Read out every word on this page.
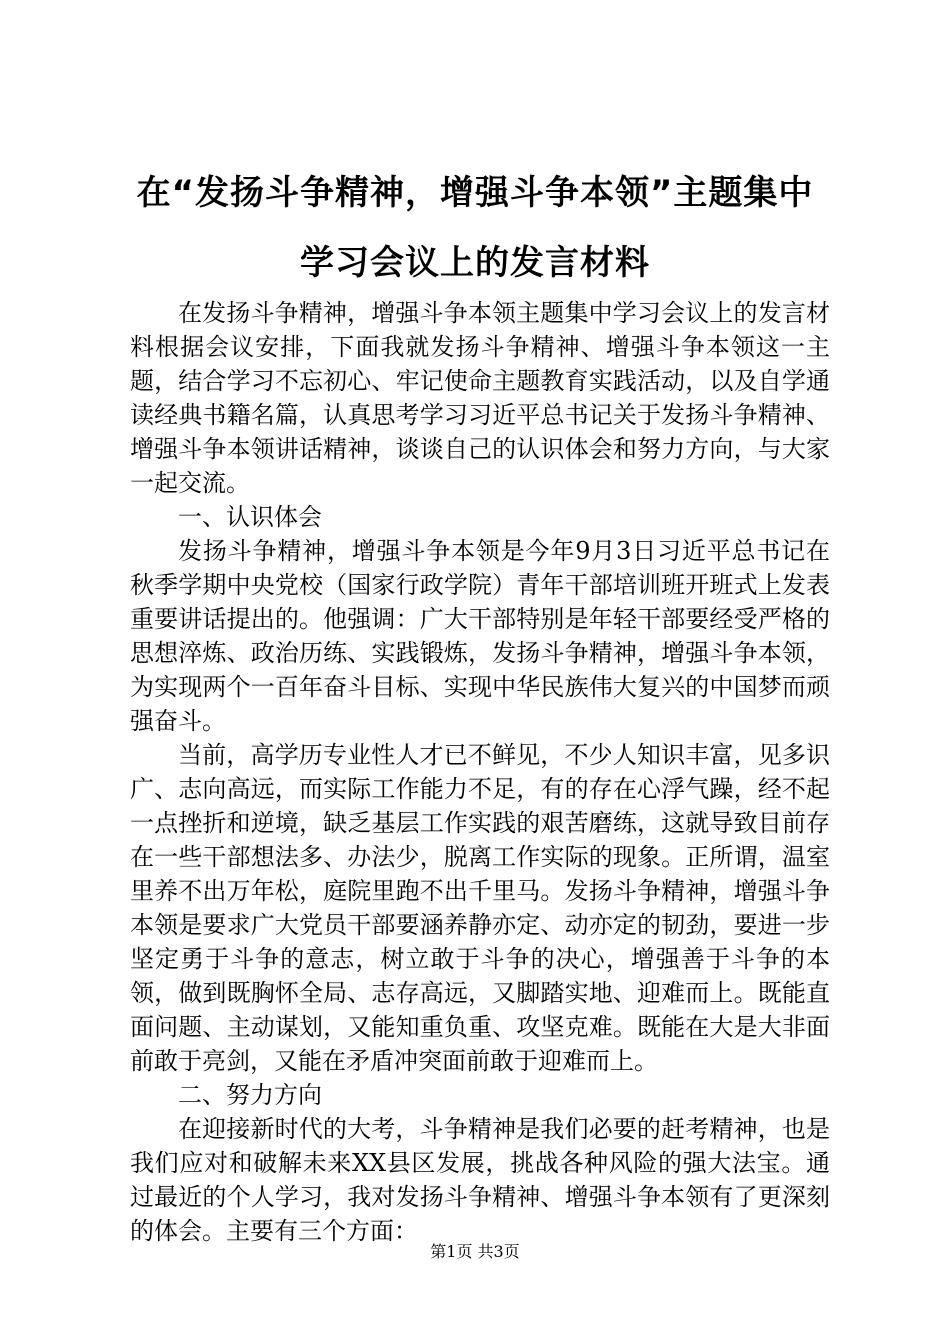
在“发扬斗争精神，增强斗争本领”主题集中
学习会议上的发言材料

在发扬斗争精神，增强斗争本领主题集中学习会议上的发言材料根据会议安排，下面我就发扬斗争精神、增强斗争本领这一主题，结合学习不忘初心、牢记使命主题教育实践活动，以及自学通读经典书籍名篇，认真思考学习习近平总书记关于发扬斗争精神、增强斗争本领讲话精神，谈谈自己的认识体会和努力方向，与大家一起交流。

一、认识体会

发扬斗争精神，增强斗争本领是今年9月3日习近平总书记在秋季学期中央党校（国家行政学院）青年干部培训班开班式上发表重要讲话提出的。他强调：广大干部特别是年轻干部要经受严格的思想淬炼、政治历练、实践锻炼，发扬斗争精神，增强斗争本领，为实现两个一百年奋斗目标、实现中华民族伟大复兴的中国梦而顽强奋斗。

当前，高学历专业性人才已不鲜见，不少人知识丰富，见多识广、志向高远，而实际工作能力不足，有的存在心浮气躁，经不起一点挫折和逆境，缺乏基层工作实践的艰苦磨练，这就导致目前存在一些干部想法多、办法少，脱离工作实际的现象。正所谓，温室里养不出万年松，庭院里跑不出千里马。发扬斗争精神，增强斗争本领是要求广大党员干部要涵养静亦定、动亦定的韧劲，要进一步坚定勇于斗争的意志，树立敢于斗争的决心，增强善于斗争的本领，做到既胸怀全局、志存高远，又脚踏实地、迎难而上。既能直面问题、主动谋划，又能知重负重、攻坚克难。既能在大是大非面前敢于亮剑，又能在矛盾冲突面前敢于迎难而上。

二、努力方向

在迎接新时代的大考，斗争精神是我们必要的赶考精神，也是我们应对和破解未来XX县区发展，挑战各种风险的强大法宝。通过最近的个人学习，我对发扬斗争精神、增强斗争本领有了更深刻的体会。主要有三个方面：

第1页 共3页
